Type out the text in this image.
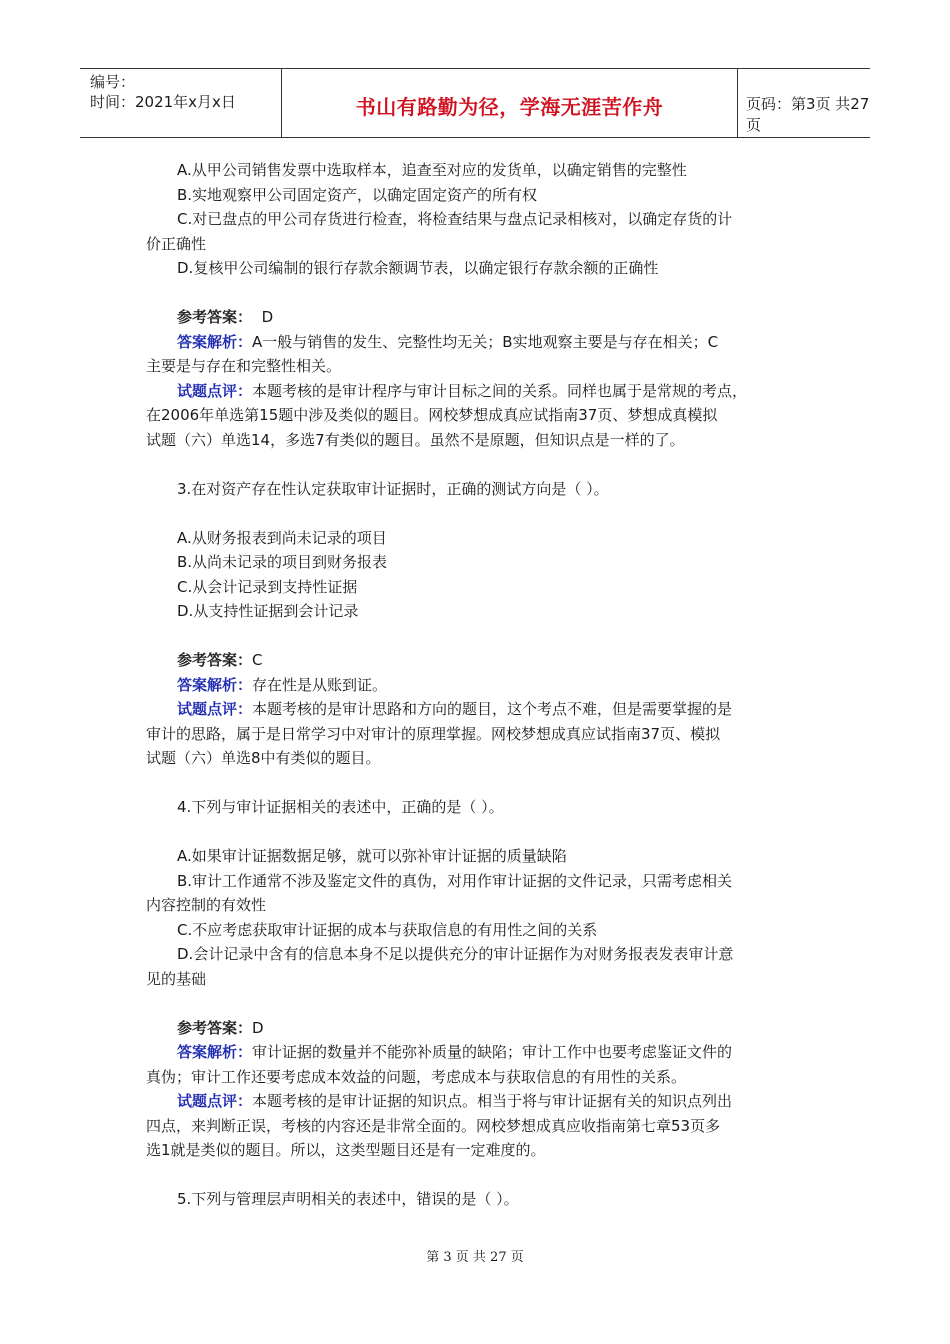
编号：
时间：2021年x月x日	书山有路勤为径，学海无涯苦作舟	页码：第3页 共27页
A.从甲公司销售发票中选取样本，追查至对应的发货单，以确定销售的完整性
B.实地观察甲公司固定资产，以确定固定资产的所有权
C.对已盘点的甲公司存货进行检查，将检查结果与盘点记录相核对，以确定存货的计
价正确性
D.复核甲公司编制的银行存款余额调节表，以确定银行存款余额的正确性
参考答案： D
答案解析：A一般与销售的发生、完整性均无关；B实地观察主要是与存在相关；C
主要是与存在和完整性相关。
试题点评：本题考核的是审计程序与审计目标之间的关系。同样也属于是常规的考点，
在2006年单选第15题中涉及类似的题目。网校梦想成真应试指南37页、梦想成真模拟
试题（六）单选14，多选7有类似的题目。虽然不是原题，但知识点是一样的了。
3.在对资产存在性认定获取审计证据时，正确的测试方向是（ ）。
A.从财务报表到尚未记录的项目
B.从尚未记录的项目到财务报表
C.从会计记录到支持性证据
D.从支持性证据到会计记录
参考答案：C
答案解析：存在性是从账到证。
试题点评：本题考核的是审计思路和方向的题目，这个考点不难，但是需要掌握的是
审计的思路，属于是日常学习中对审计的原理掌握。网校梦想成真应试指南37页、模拟
试题（六）单选8中有类似的题目。
4.下列与审计证据相关的表述中，正确的是（ ）。
A.如果审计证据数据足够，就可以弥补审计证据的质量缺陷
B.审计工作通常不涉及鉴定文件的真伪，对用作审计证据的文件记录，只需考虑相关
内容控制的有效性
C.不应考虑获取审计证据的成本与获取信息的有用性之间的关系
D.会计记录中含有的信息本身不足以提供充分的审计证据作为对财务报表发表审计意
见的基础
参考答案：D
答案解析：审计证据的数量并不能弥补质量的缺陷；审计工作中也要考虑鉴证文件的
真伪；审计工作还要考虑成本效益的问题，考虑成本与获取信息的有用性的关系。
试题点评：本题考核的是审计证据的知识点。相当于将与审计证据有关的知识点列出
四点，来判断正误，考核的内容还是非常全面的。网校梦想成真应收指南第七章53页多
选1就是类似的题目。所以，这类型题目还是有一定难度的。
5.下列与管理层声明相关的表述中，错误的是（ ）。
第 3 页 共 27 页
